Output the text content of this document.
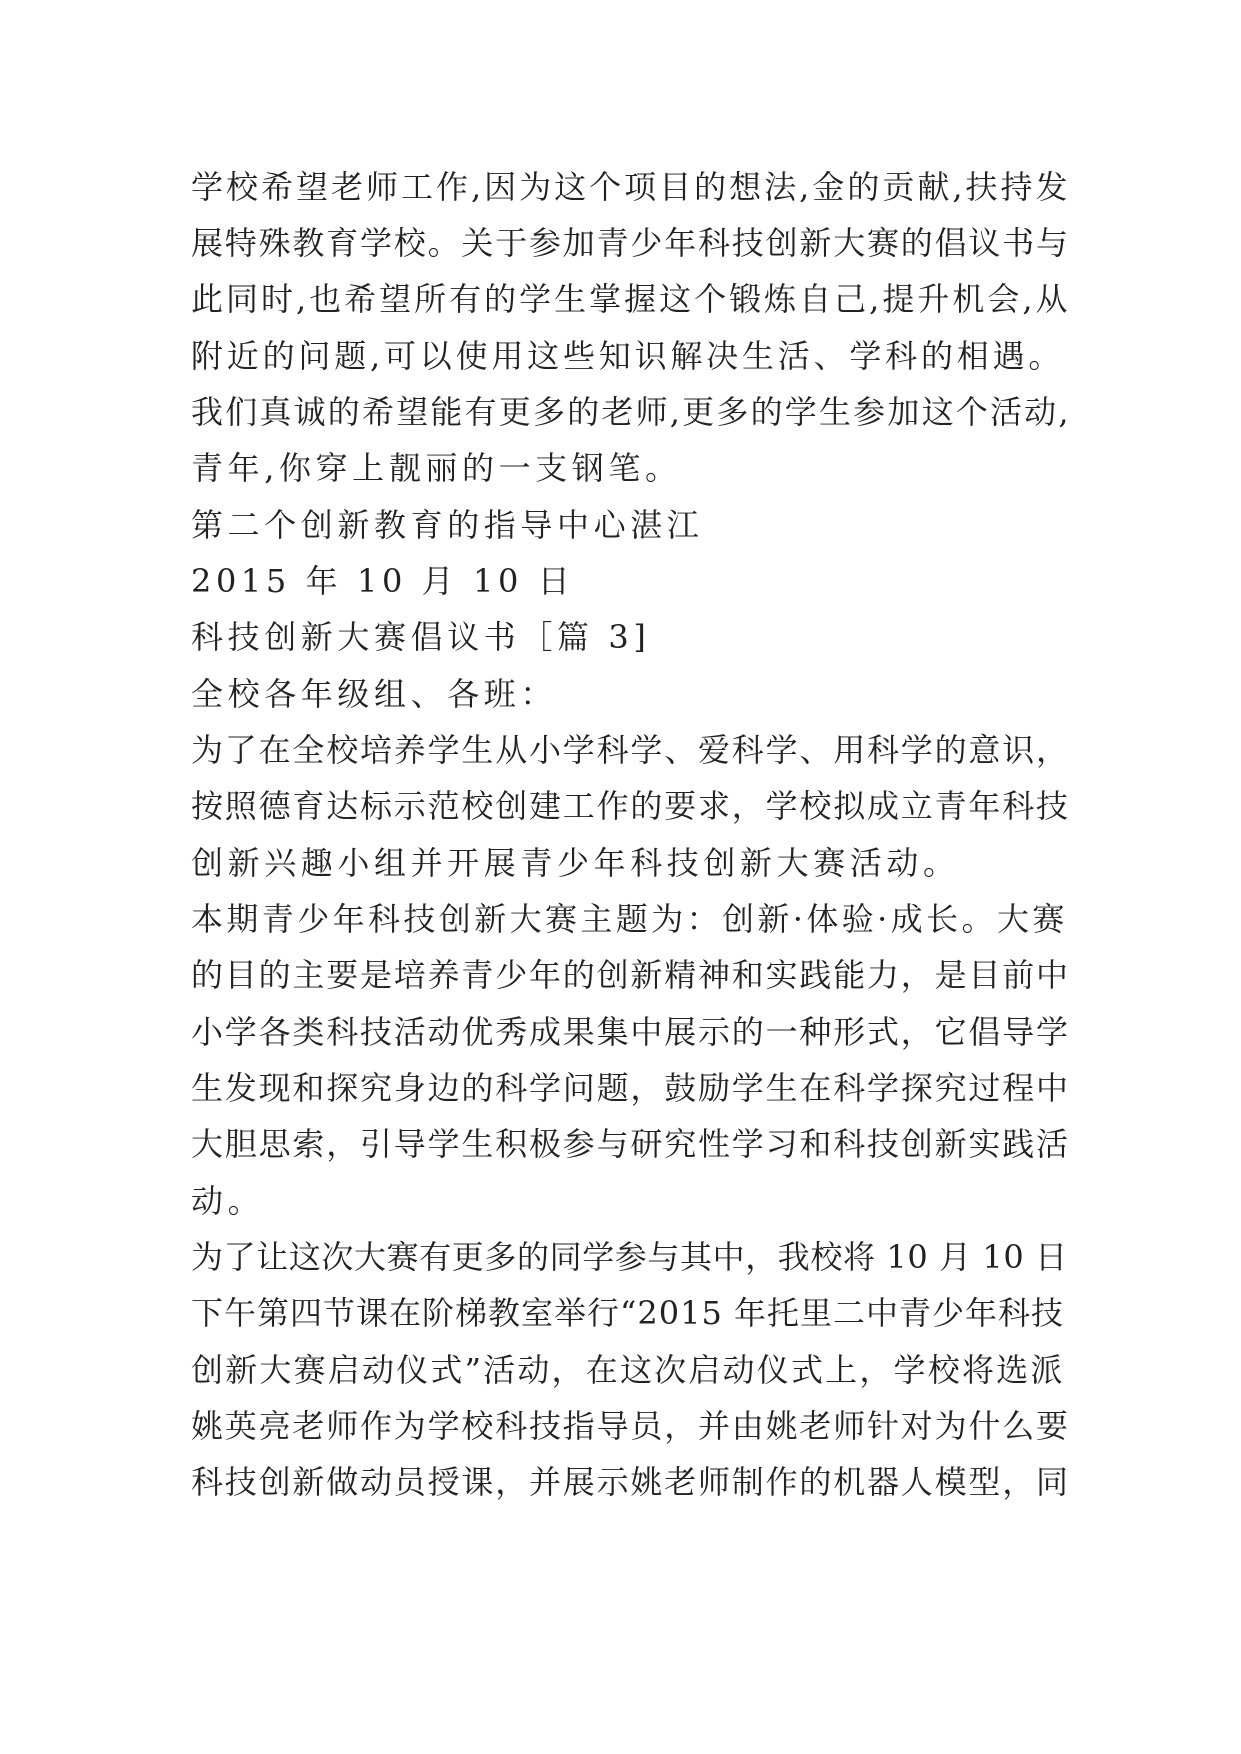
学校希望老师工作,因为这个项目的想法,金的贡献,扶持发

展特殊教育学校。关于参加青少年科技创新大赛的倡议书与

此同时,也希望所有的学生掌握这个锻炼自己,提升机会,从

附近的问题,可以使用这些知识解决生活、学科的相遇。

我们真诚的希望能有更多的老师,更多的学生参加这个活动,

青年,你穿上靓丽的一支钢笔。

第二个创新教育的指导中心湛江

2015 年 10 月 10 日

科技创新大赛倡议书［篇 3]

全校各年级组、各班：

为了在全校培养学生从小学科学、爱科学、用科学的意识，

按照德育达标示范校创建工作的要求，学校拟成立青年科技

创新兴趣小组并开展青少年科技创新大赛活动。

本期青少年科技创新大赛主题为：创新·体验·成长。大赛

的目的主要是培养青少年的创新精神和实践能力，是目前中

小学各类科技活动优秀成果集中展示的一种形式，它倡导学

生发现和探究身边的科学问题，鼓励学生在科学探究过程中

大胆思索，引导学生积极参与研究性学习和科技创新实践活

动。

为了让这次大赛有更多的同学参与其中，我校将 10 月 10 日

下午第四节课在阶梯教室举行“2015 年托里二中青少年科技

创新大赛启动仪式”活动，在这次启动仪式上，学校将选派

姚英亮老师作为学校科技指导员，并由姚老师针对为什么要

科技创新做动员授课，并展示姚老师制作的机器人模型，同
